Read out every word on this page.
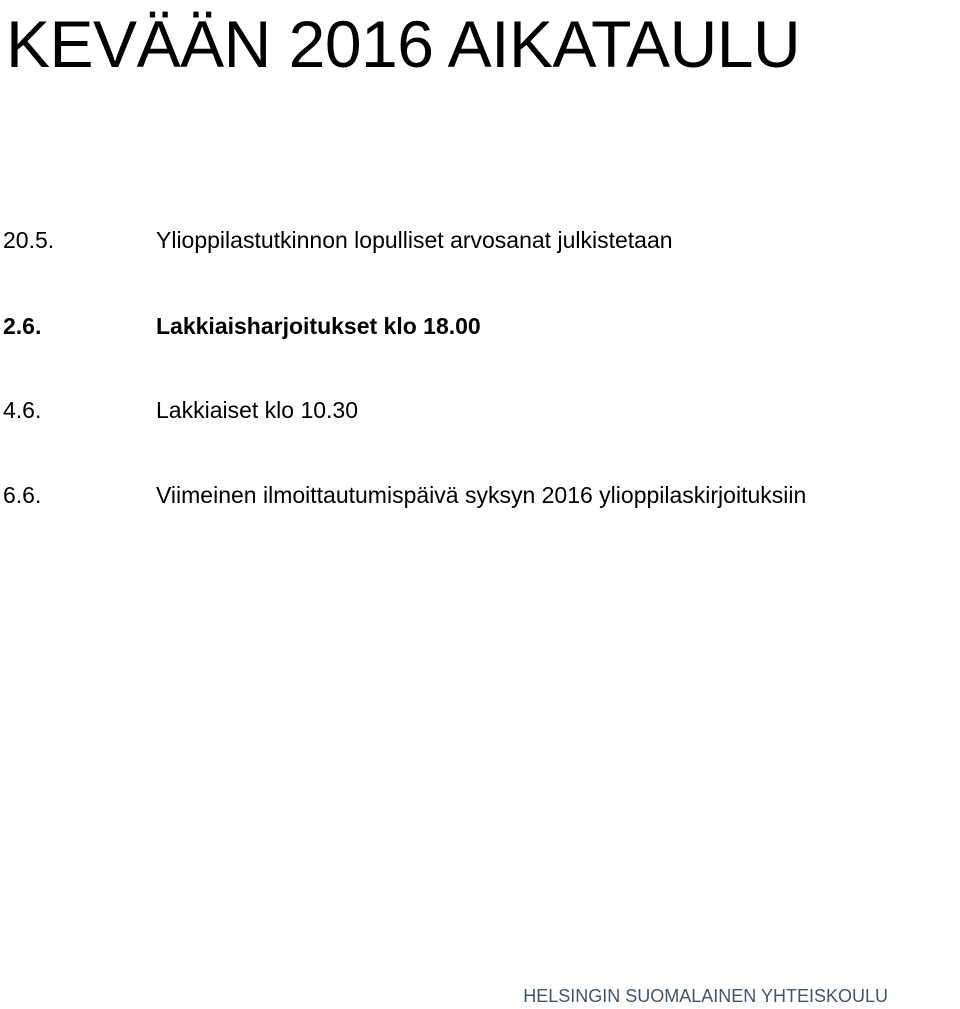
KEVÄÄN 2016 AIKATAULU
20.5.	Ylioppilastutkinnon lopulliset arvosanat julkistetaan
2.6.	Lakkiaisharjoitukset klo 18.00
4.6.	Lakkiaiset klo 10.30
6.6.	Viimeinen ilmoittautumispäivä syksyn 2016 ylioppilaskirjoituksiin
HELSINGIN SUOMALAINEN YHTEISKOULU
